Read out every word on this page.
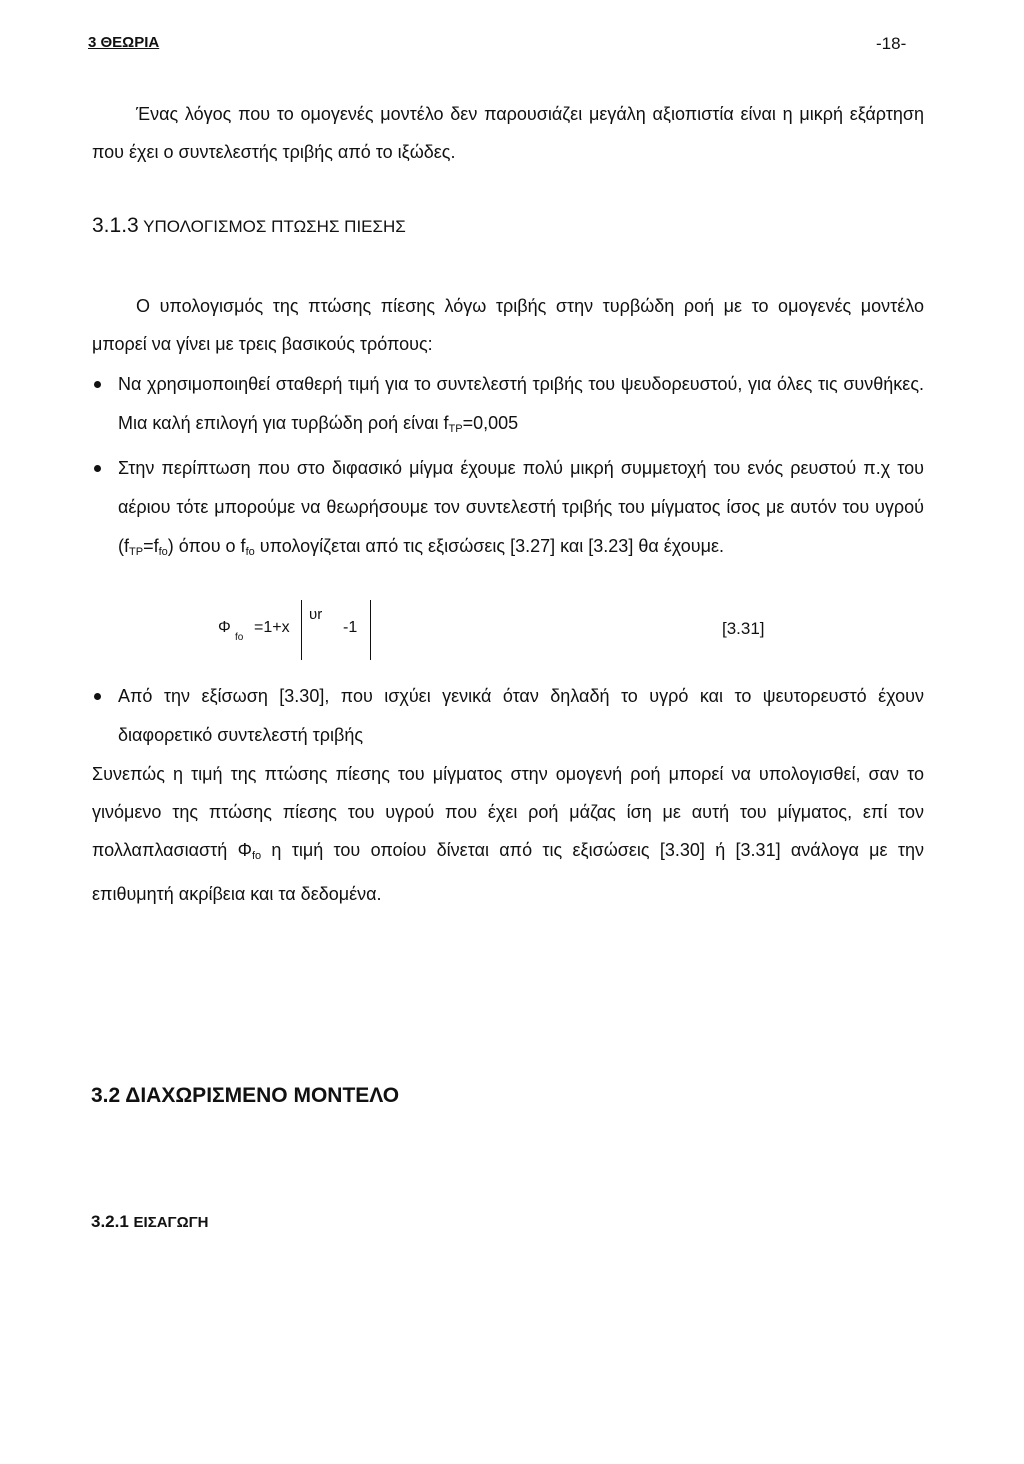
3 ΘΕΩΡΙΑ	-18-

Ένας λόγος που το ομογενές μοντέλο δεν παρουσιάζει μεγάλη αξιοπιστία είναι η μικρή εξάρτηση που έχει ο συντελεστής τριβής από το ιξώδες.

3.1.3 ΥΠΟΛΟΓΙΣΜΟΣ ΠΤΩΣΗΣ ΠΙΕΣΗΣ

Ο υπολογισμός της πτώσης πίεσης λόγω τριβής στην τυρβώδη ροή με το ομογενές μοντέλο μπορεί να γίνει με τρεις βασικούς τρόπους:

Να χρησιμοποιηθεί σταθερή τιμή για το συντελεστή τριβής του ψευδορευστού, για όλες τις συνθήκες. Μια καλή επιλογή για τυρβώδη ροή είναι $f_{TP}=0,005$
Στην περίπτωση που στο διφασικό μίγμα έχουμε πολύ μικρή συμμετοχή του ενός ρευστού π.χ του αέριου τότε μπορούμε να θεωρήσουμε τον συντελεστή τριβής του μίγματος ίσος με αυτόν του υγρού $(f_{TP}=f_{fo})$ όπου ο $f_{fo}$ υπολογίζεται από τις εξισώσεις [3.27] και [3.23] θα έχουμε.
Φ
fo
=1+x
υr
-1	[3.31]
Από την εξίσωση [3.30], που ισχύει γενικά όταν δηλαδή το υγρό και το ψευτορευστό έχουν διαφορετικό συντελεστή τριβής

Συνεπώς η τιμή της πτώσης πίεσης του μίγματος στην ομογενή ροή μπορεί να υπολογισθεί, σαν το γινόμενο της πτώσης πίεσης του υγρού που έχει ροή μάζας ίση με αυτή του μίγματος, επί τον πολλαπλασιαστή $\Phi_{fo}$ η τιμή του οποίου δίνεται από τις εξισώσεις [3.30] ή [3.31] ανάλογα με την επιθυμητή ακρίβεια και τα δεδομένα.

3.2 ΔΙΑΧΩΡΙΣΜΕΝΟ ΜΟΝΤΕΛΟ
3.2.1 ΕΙΣΑΓΩΓΗ
